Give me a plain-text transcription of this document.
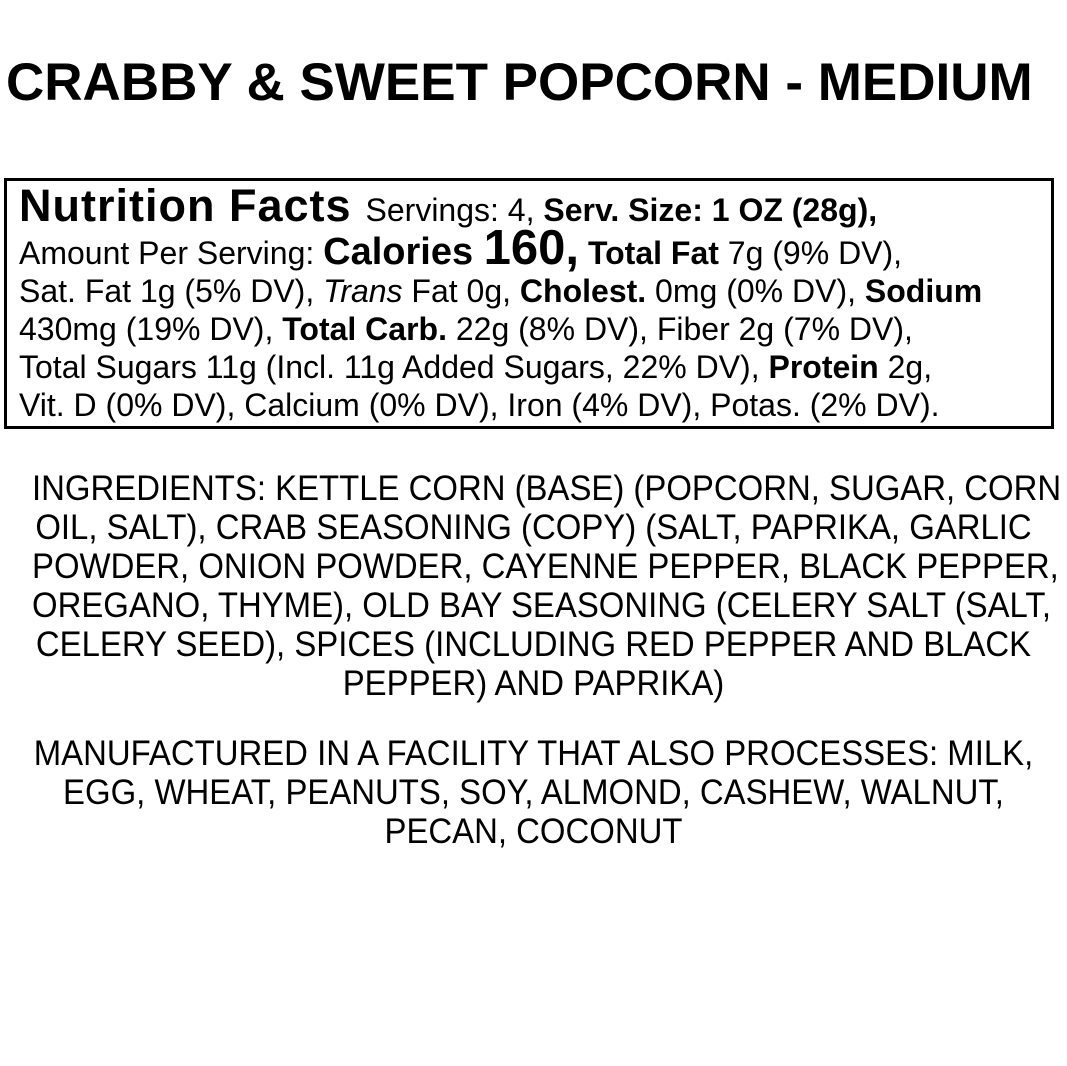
CRABBY & SWEET POPCORN - MEDIUM
Nutrition Facts Servings: 4, Serv. Size: 1 OZ (28g),
Amount Per Serving: Calories 160, Total Fat 7g (9% DV),
Sat. Fat 1g (5% DV), Trans Fat 0g, Cholest. 0mg (0% DV), Sodium
430mg (19% DV), Total Carb. 22g (8% DV), Fiber 2g (7% DV),
Total Sugars 11g (Incl. 11g Added Sugars, 22% DV), Protein 2g,
Vit. D (0% DV), Calcium (0% DV), Iron (4% DV), Potas. (2% DV).
INGREDIENTS: KETTLE CORN (BASE) (POPCORN, SUGAR, CORN
OIL, SALT), CRAB SEASONING (COPY) (SALT, PAPRIKA, GARLIC
POWDER, ONION POWDER, CAYENNE PEPPER, BLACK PEPPER,
OREGANO, THYME), OLD BAY SEASONING (CELERY SALT (SALT,
CELERY SEED), SPICES (INCLUDING RED PEPPER AND BLACK
PEPPER) AND PAPRIKA)
MANUFACTURED IN A FACILITY THAT ALSO PROCESSES: MILK,
EGG, WHEAT, PEANUTS, SOY, ALMOND, CASHEW, WALNUT,
PECAN, COCONUT
